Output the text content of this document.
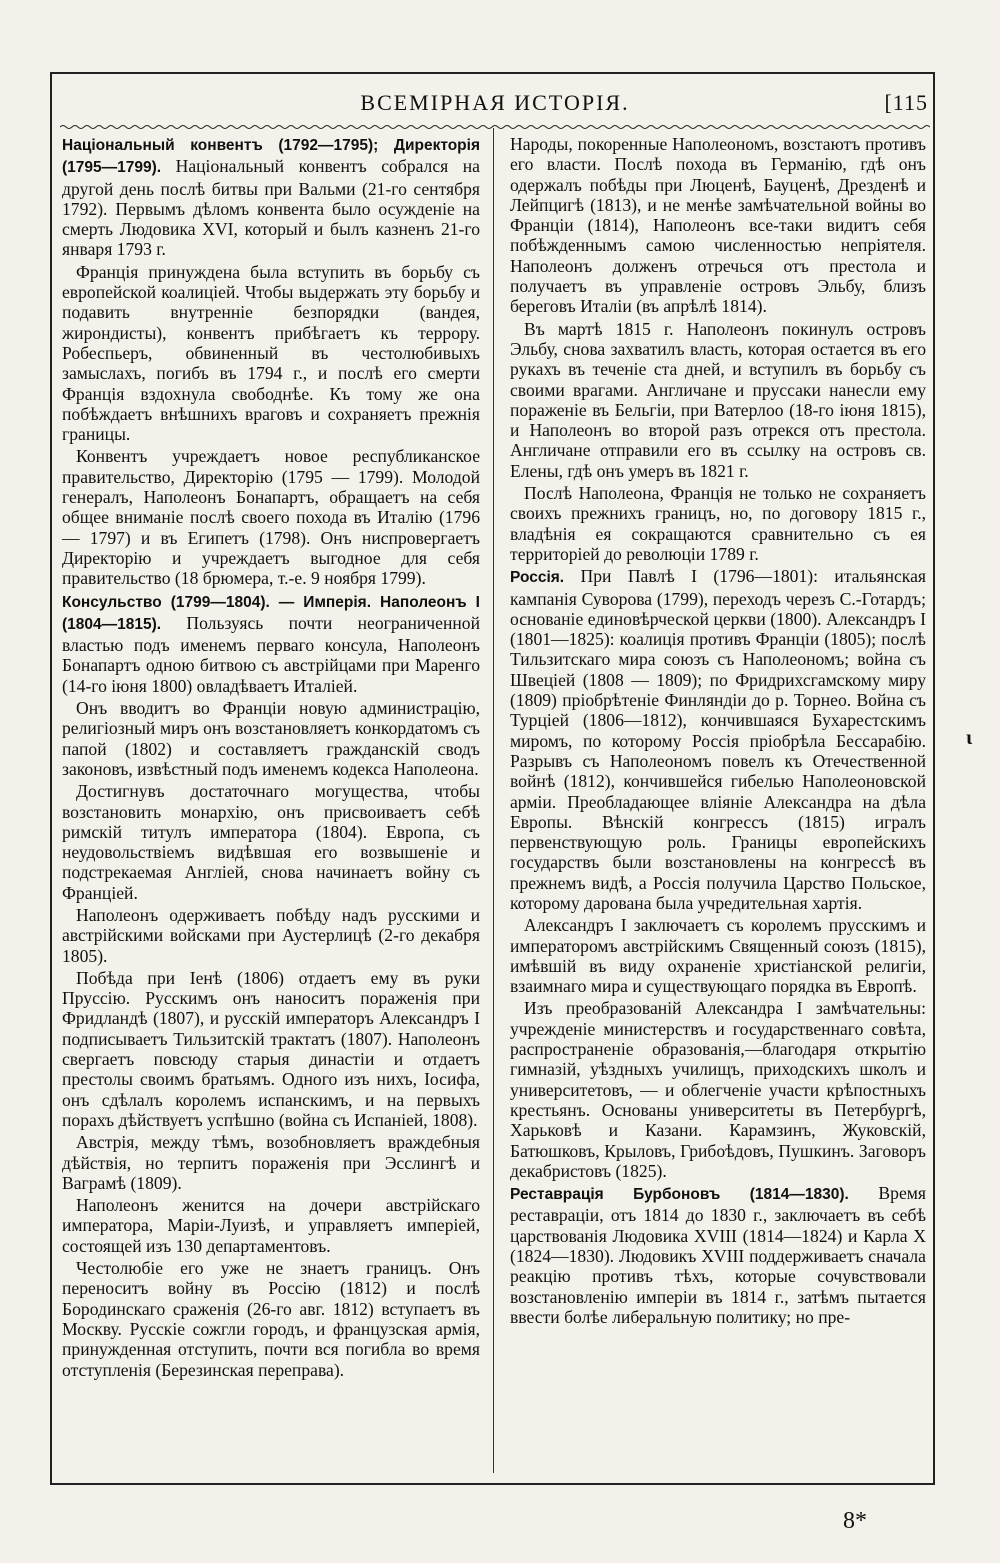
ВСЕМІРНАЯ ИСТОРІЯ.	[115

Національный конвентъ (1792—1795); Директорія (1795—1799). Національный конвентъ собрался на другой день послѣ битвы при Вальми (21-го сентября 1792). Первымъ дѣломъ конвента было осужденіе на смерть Людовика XVI, который и былъ казненъ 21-го января 1793 г.

Франція принуждена была вступить въ борьбу съ европейской коалиціей. Чтобы выдержать эту борьбу и подавить внутренніе безпорядки (вандея, жирондисты), конвентъ прибѣгаетъ къ террору. Робеспьеръ, обвиненный въ честолюбивыхъ замыслахъ, погибъ въ 1794 г., и послѣ его смерти Франція вздохнула свободнѣе. Къ тому же она побѣждаетъ внѣшнихъ враговъ и сохраняетъ прежнія границы.

Конвентъ учреждаетъ новое республиканское правительство, Директорію (1795 — 1799). Молодой генералъ, Наполеонъ Бонапартъ, обращаетъ на себя общее вниманіе послѣ своего похода въ Италію (1796 — 1797) и въ Египетъ (1798). Онъ ниспровергаетъ Директорію и учреждаетъ выгодное для себя правительство (18 брюмера, т.-е. 9 ноября 1799).

Консульство (1799—1804). — Имперія. Наполеонъ I (1804—1815). Пользуясь почти неограниченной властью подъ именемъ перваго консула, Наполеонъ Бонапартъ одною битвою съ австрійцами при Маренго (14-го іюня 1800) овладѣваетъ Италіей.

Онъ вводитъ во Франціи новую администрацію, религіозный миръ онъ возстановляетъ конкордатомъ съ папой (1802) и составляетъ гражданскій сводъ законовъ, извѣстный подъ именемъ кодекса Наполеона.

Достигнувъ достаточнаго могущества, чтобы возстановить монархію, онъ присвоиваетъ себѣ римскій титулъ императора (1804). Европа, съ неудовольствіемъ видѣвшая его возвышеніе и подстрекаемая Англіей, снова начинаетъ войну съ Франціей.

Наполеонъ одерживаетъ побѣду надъ русскими и австрійскими войсками при Аустерлицѣ (2-го декабря 1805).

Побѣда при Іенѣ (1806) отдаетъ ему въ руки Пруссію. Русскимъ онъ наноситъ пораженія при Фридландѣ (1807), и русскій императоръ Александръ I подписываетъ Тильзитскій трактатъ (1807). Наполеонъ свергаетъ повсюду старыя династіи и отдаетъ престолы своимъ братьямъ. Одного изъ нихъ, Іосифа, онъ сдѣлалъ королемъ испанскимъ, и на первыхъ порахъ дѣйствуетъ успѣшно (война съ Испаніей, 1808).

Австрія, между тѣмъ, возобновляетъ враждебныя дѣйствія, но терпитъ пораженія при Эсслингѣ и Ваграмѣ (1809).

Наполеонъ женится на дочери австрійскаго императора, Маріи-Луизѣ, и управляетъ имперіей, состоящей изъ 130 департаментовъ.

Честолюбіе его уже не знаетъ границъ. Онъ переноситъ войну въ Россію (1812) и послѣ Бородинскаго сраженія (26-го авг. 1812) вступаетъ въ Москву. Русскіе сожгли городъ, и французская армія, принужденная отступить, почти вся погибла во время отступленія (Березинская переправа).

Народы, покоренные Наполеономъ, возстаютъ противъ его власти. Послѣ похода въ Германію, гдѣ онъ одержалъ побѣды при Люценѣ, Бауценѣ, Дрезденѣ и Лейпцигѣ (1813), и не менѣе замѣчательной войны во Франціи (1814), Наполеонъ все-таки видитъ себя побѣжденнымъ самою численностью непріятеля. Наполеонъ долженъ отречься отъ престола и получаетъ въ управленіе островъ Эльбу, близъ береговъ Италіи (въ апрѣлѣ 1814).

Въ мартѣ 1815 г. Наполеонъ покинулъ островъ Эльбу, снова захватилъ власть, которая остается въ его рукахъ въ теченіе ста дней, и вступилъ въ борьбу съ своими врагами. Англичане и пруссаки нанесли ему пораженіе въ Бельгіи, при Ватерлоо (18-го іюня 1815), и Наполеонъ во второй разъ отрекся отъ престола. Англичане отправили его въ ссылку на островъ св. Елены, гдѣ онъ умеръ въ 1821 г.

Послѣ Наполеона, Франція не только не сохраняетъ своихъ прежнихъ границъ, но, по договору 1815 г., владѣнія ея сокращаются сравнительно съ ея территоріей до революціи 1789 г.

Россія. При Павлѣ I (1796—1801): итальянская кампанія Суворова (1799), переходъ черезъ С.-Готардъ; основаніе единовѣрческой церкви (1800). Александръ I (1801—1825): коалиція противъ Франціи (1805); послѣ Тильзитскаго мира союзъ съ Наполеономъ; война съ Швеціей (1808 — 1809); по Фридрихсгамскому миру (1809) пріобрѣтеніе Финляндіи до р. Торнео. Война съ Турціей (1806—1812), кончившаяся Бухарестскимъ миромъ, по которому Россія пріобрѣла Бессарабію. Разрывъ съ Наполеономъ повелъ къ Отечественной войнѣ (1812), кончившейся гибелью Наполеоновской арміи. Преобладающее вліяніе Александра на дѣла Европы. Вѣнскій конгрессъ (1815) игралъ первенствующую роль. Границы европейскихъ государствъ были возстановлены на конгрессѣ въ прежнемъ видѣ, а Россія получила Царство Польское, которому дарована была учредительная хартія.

Александръ I заключаетъ съ королемъ прусскимъ и императоромъ австрійскимъ Священный союзъ (1815), имѣвшій въ виду охраненіе христіанской религіи, взаимнаго мира и существующаго порядка въ Европѣ.

Изъ преобразованій Александра I замѣчательны: учрежденіе министерствъ и государственнаго совѣта, распространеніе образованія,—благодаря открытію гимназій, уѣздныхъ училищъ, приходскихъ школъ и университетовъ, — и облегченіе участи крѣпостныхъ крестьянъ. Основаны университеты въ Петербургѣ, Харьковѣ и Казани. Карамзинъ, Жуковскій, Батюшковъ, Крыловъ, Грибоѣдовъ, Пушкинъ. Заговоръ декабристовъ (1825).

Реставрація Бурбоновъ (1814—1830). Время реставраціи, отъ 1814 до 1830 г., заключаетъ въ себѣ царствованія Людовика XVIII (1814—1824) и Карла X (1824—1830). Людовикъ XVIII поддерживаетъ сначала реакцію противъ тѣхъ, которые сочувствовали возстановленію имперіи въ 1814 г., затѣмъ пытается ввести болѣе либеральную политику; но пре-

ɩ
8*
